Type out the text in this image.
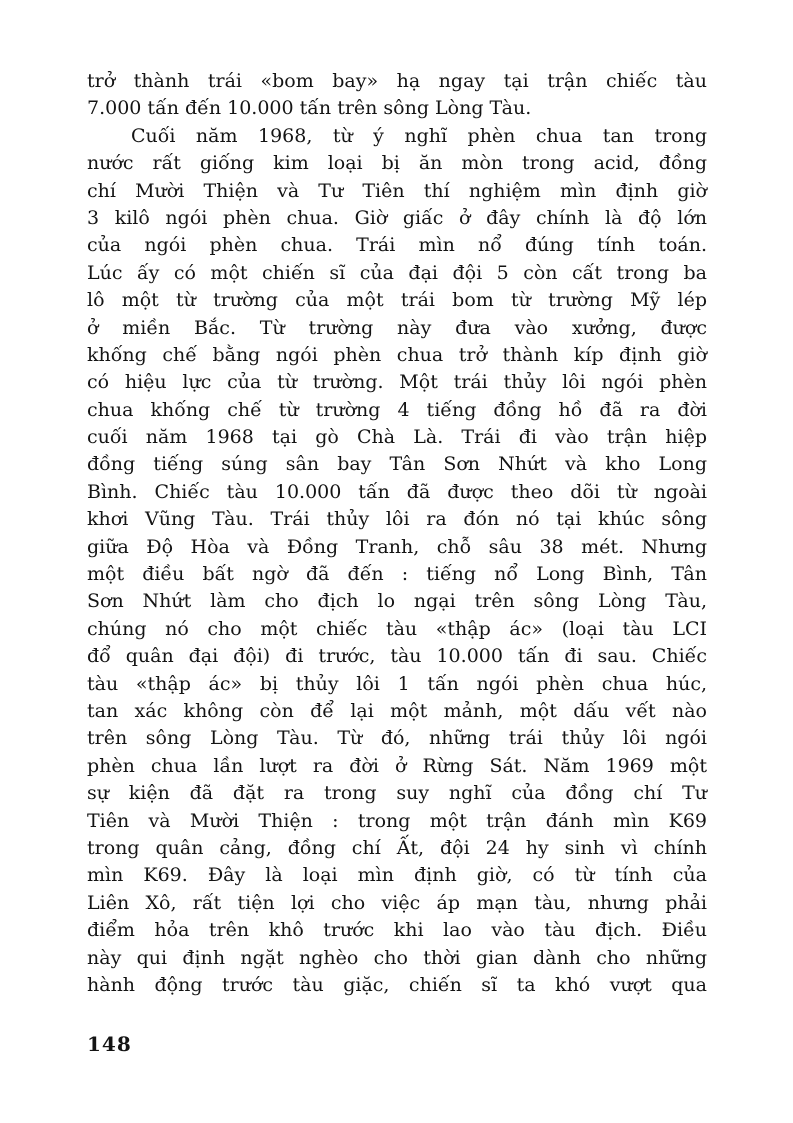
trở thành trái «bom bay» hạ ngay tại trận chiếc tàu
7.000 tấn đến 10.000 tấn trên sông Lòng Tàu.
Cuối năm 1968, từ ý nghĩ phèn chua tan trong
nước rất giống kim loại bị ăn mòn trong acid, đồng
chí Mười Thiện và Tư Tiên thí nghiệm mìn định giờ
3 kilô ngói phèn chua. Giờ giấc ở đây chính là độ lớn
của ngói phèn chua. Trái mìn nổ đúng tính toán.
Lúc ấy có một chiến sĩ của đại đội 5 còn cất trong ba
lô một từ trường của một trái bom từ trường Mỹ lép
ở miền Bắc. Từ trường này đưa vào xưởng, được
khống chế bằng ngói phèn chua trở thành kíp định giờ
có hiệu lực của từ trường. Một trái thủy lôi ngói phèn
chua khống chế từ trường 4 tiếng đồng hồ đã ra đời
cuối năm 1968 tại gò Chà Là. Trái đi vào trận hiệp
đồng tiếng súng sân bay Tân Sơn Nhứt và kho Long
Bình. Chiếc tàu 10.000 tấn đã được theo dõi từ ngoài
khơi Vũng Tàu. Trái thủy lôi ra đón nó tại khúc sông
giữa Độ Hòa và Đồng Tranh, chỗ sâu 38 mét. Nhưng
một điều bất ngờ đã đến : tiếng nổ Long Bình, Tân
Sơn Nhứt làm cho địch lo ngại trên sông Lòng Tàu,
chúng nó cho một chiếc tàu «thập ác» (loại tàu LCI
đổ quân đại đội) đi trước, tàu 10.000 tấn đi sau. Chiếc
tàu «thập ác» bị thủy lôi 1 tấn ngói phèn chua húc,
tan xác không còn để lại một mảnh, một dấu vết nào
trên sông Lòng Tàu. Từ đó, những trái thủy lôi ngói
phèn chua lần lượt ra đời ở Rừng Sát. Năm 1969 một
sự kiện đã đặt ra trong suy nghĩ của đồng chí Tư
Tiên và Mười Thiện : trong một trận đánh mìn K69
trong quân cảng, đồng chí Ất, đội 24 hy sinh vì chính
mìn K69. Đây là loại mìn định giờ, có từ tính của
Liên Xô, rất tiện lợi cho việc áp mạn tàu, nhưng phải
điểm hỏa trên khô trước khi lao vào tàu địch. Điều
này qui định ngặt nghèo cho thời gian dành cho những
hành động trước tàu giặc, chiến sĩ ta khó vượt qua
148
